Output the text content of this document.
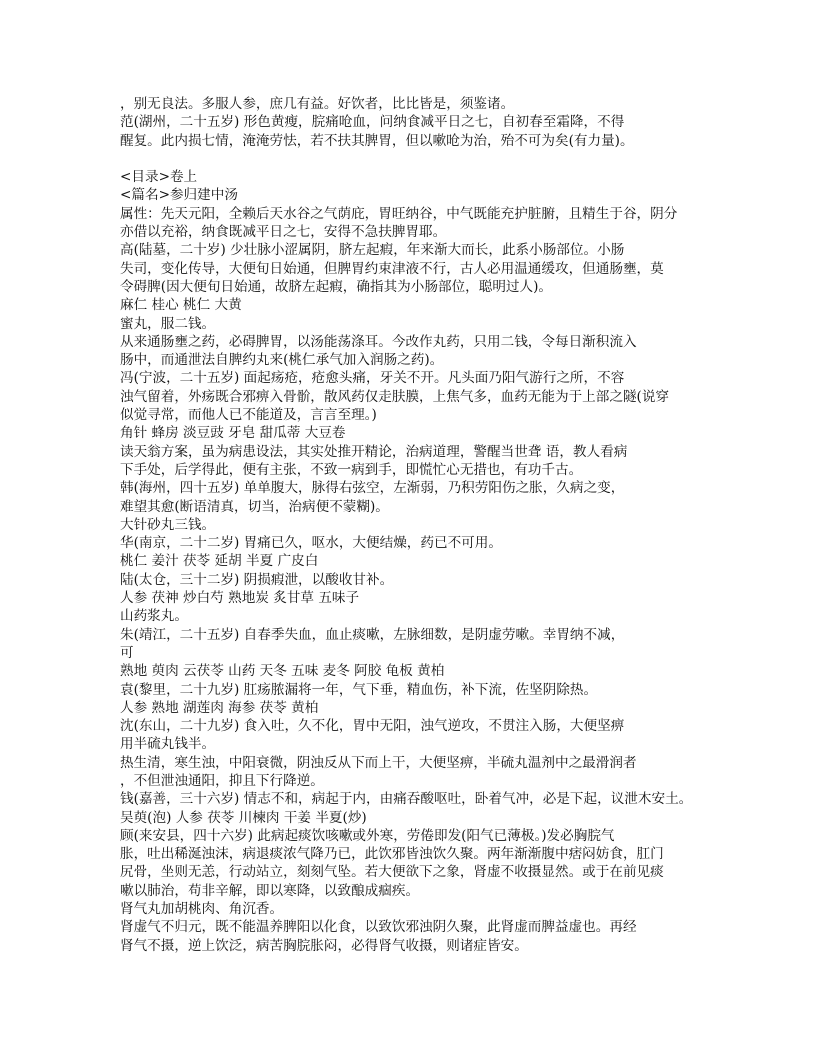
，别无良法。多服人参，庶几有益。好饮者，比比皆是，须鉴诸。
范(湖州，二十五岁) 形色黄瘦，脘痛呛血，问纳食减平日之七，自初春至霜降，不得
醒复。此内损七情，淹淹劳怯，若不扶其脾胃，但以嗽呛为治，殆不可为矣(有力量)。
<目录>卷上
<篇名>参归建中汤
属性：先天元阳，全赖后天水谷之气荫庇，胃旺纳谷，中气既能充护脏腑，且精生于谷，阴分
亦借以充裕，纳食既减平日之七，安得不急扶脾胃耶。
高(陆墓，二十岁) 少壮脉小涩属阴，脐左起瘕，年来渐大而长，此系小肠部位。小肠
失司，变化传导，大便旬日始通，但脾胃约束津液不行，古人必用温通缓攻，但通肠壅，莫
令碍脾(因大便旬日始通，故脐左起瘕，确指其为小肠部位，聪明过人)。
麻仁 桂心 桃仁 大黄
蜜丸，服二钱。
从来通肠壅之药，必碍脾胃，以汤能荡涤耳。今改作丸药，只用二钱，令每日渐积流入
肠中，而通泄法自脾约丸来(桃仁承气加入润肠之药)。
冯(宁波，二十五岁) 面起疡疮，疮愈头痛，牙关不开。凡头面乃阳气游行之所，不容
浊气留着，外疡既合邪痹入骨骱，散风药仅走肤膜，上焦气多，血药无能为于上部之隧(说穿
似觉寻常，而他人已不能道及，言言至理。)
角针 蜂房 淡豆豉 牙皂 甜瓜蒂 大豆卷
读天翁方案，虽为病患设法，其实处推开精论，治病道理，警醒当世聋 语，教人看病
下手处，后学得此，便有主张，不致一病到手，即慌忙心无措也，有功千古。
韩(海州，四十五岁) 单单腹大，脉得右弦空，左渐弱，乃积劳阳伤之胀，久病之变，
难望其愈(断语清真，切当，治病便不蒙糊)。
大针砂丸三钱。
华(南京，二十二岁) 胃痛已久，呕水，大便结燥，药已不可用。
桃仁 姜汁 茯苓 延胡 半夏 广皮白
陆(太仓，三十二岁) 阴损瘕泄，以酸收甘补。
人参 茯神 炒白芍 熟地炭 炙甘草 五味子
山药浆丸。
朱(靖江，二十五岁) 自春季失血，血止痰嗽，左脉细数，是阴虚劳嗽。幸胃纳不减，
可
熟地 萸肉 云茯苓 山药 天冬 五味 麦冬 阿胶 龟板 黄柏
袁(黎里，二十九岁) 肛疡脓漏将一年，气下垂，精血伤，补下流，佐坚阴除热。
人参 熟地 湖莲肉 海参 茯苓 黄柏
沈(东山，二十九岁) 食入吐，久不化，胃中无阳，浊气逆攻，不贯注入肠，大便坚痹
用半硫丸钱半。
热生清，寒生浊，中阳衰微，阴浊反从下而上干，大便坚痹，半硫丸温剂中之最滑润者
，不但泄浊通阳，抑且下行降逆。
钱(嘉善，三十六岁) 情志不和，病起于内，由痛吞酸呕吐，卧着气冲，必是下起，议泄木安土。
吴萸(泡) 人参 茯苓 川楝肉 干姜 半夏(炒)
顾(来安县，四十六岁) 此病起痰饮咳嗽或外寒，劳倦即发(阳气已薄极。)发必胸脘气
胀，吐出稀涎浊沫，病退痰浓气降乃已，此饮邪皆浊饮久聚。两年渐渐腹中痞闷妨食，肛门
尻骨，坐则无恙，行动站立，刻刻气坠。若大便欲下之象，肾虚不收摄显然。或于在前见痰
嗽以肺治，苟非辛解，即以寒降，以致酿成痼疾。
肾气丸加胡桃肉、角沉香。
肾虚气不归元，既不能温养脾阳以化食，以致饮邪浊阴久聚，此肾虚而脾益虚也。再经
肾气不摄，逆上饮泛，病苦胸脘胀闷，必得肾气收摄，则诸症皆安。
